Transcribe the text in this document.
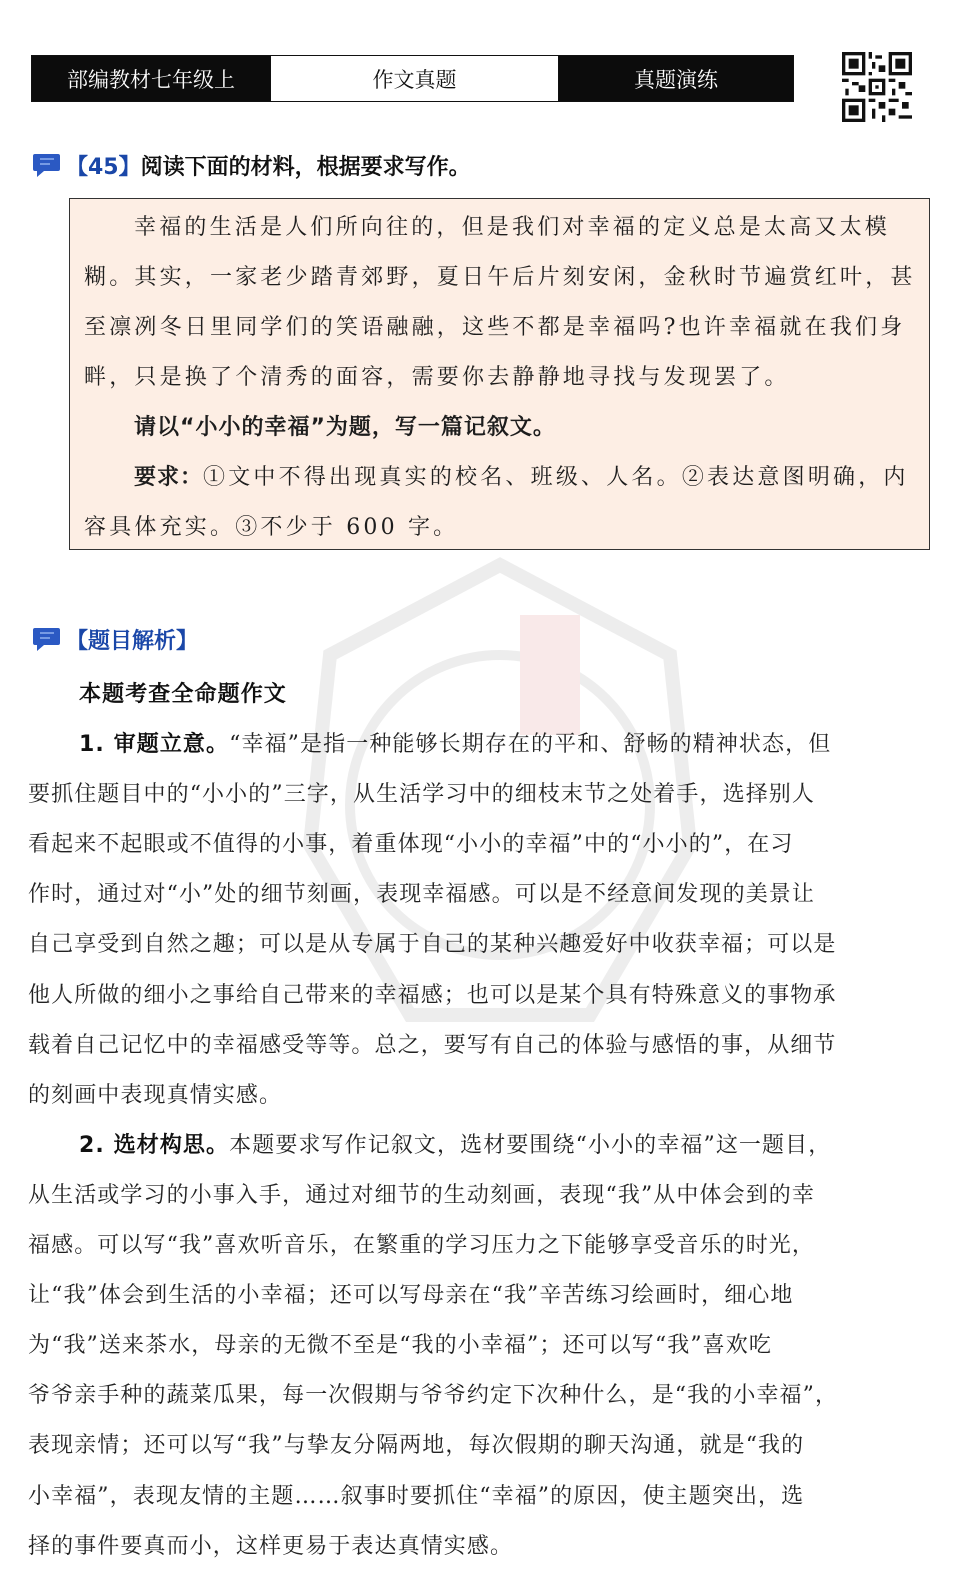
部编教材七年级上	作文真题	真题演练
【45】 阅读下面的材料，根据要求写作。
幸福的生活是人们所向往的，但是我们对幸福的定义总是太高又太模
糊。其实，一家老少踏青郊野，夏日午后片刻安闲，金秋时节遍赏红叶，甚
至凛冽冬日里同学们的笑语融融，这些不都是幸福吗?也许幸福就在我们身
畔，只是换了个清秀的面容，需要你去静静地寻找与发现罢了。
请以“小小的幸福”为题，写一篇记叙文。
要求：①文中不得出现真实的校名、班级、人名。②表达意图明确，内
容具体充实。③不少于 600 字。
【题目解析】
本题考查全命题作文
1. 审题立意。“幸福”是指一种能够长期存在的平和、舒畅的精神状态，但
要抓住题目中的“小小的”三字，从生活学习中的细枝末节之处着手，选择别人
看起来不起眼或不值得的小事，着重体现“小小的幸福”中的“小小的”，在习
作时，通过对“小”处的细节刻画，表现幸福感。可以是不经意间发现的美景让
自己享受到自然之趣；可以是从专属于自己的某种兴趣爱好中收获幸福；可以是
他人所做的细小之事给自己带来的幸福感；也可以是某个具有特殊意义的事物承
载着自己记忆中的幸福感受等等。总之，要写有自己的体验与感悟的事，从细节
的刻画中表现真情实感。
2. 选材构思。本题要求写作记叙文，选材要围绕“小小的幸福”这一题目，
从生活或学习的小事入手，通过对细节的生动刻画，表现“我”从中体会到的幸
福感。可以写“我”喜欢听音乐，在繁重的学习压力之下能够享受音乐的时光，
让“我”体会到生活的小幸福；还可以写母亲在“我”辛苦练习绘画时，细心地
为“我”送来茶水，母亲的无微不至是“我的小幸福”；还可以写“我”喜欢吃
爷爷亲手种的蔬菜瓜果，每一次假期与爷爷约定下次种什么，是“我的小幸福”，
表现亲情；还可以写“我”与挚友分隔两地，每次假期的聊天沟通，就是“我的
小幸福”，表现友情的主题……叙事时要抓住“幸福”的原因，使主题突出，选
择的事件要真而小，这样更易于表达真情实感。
